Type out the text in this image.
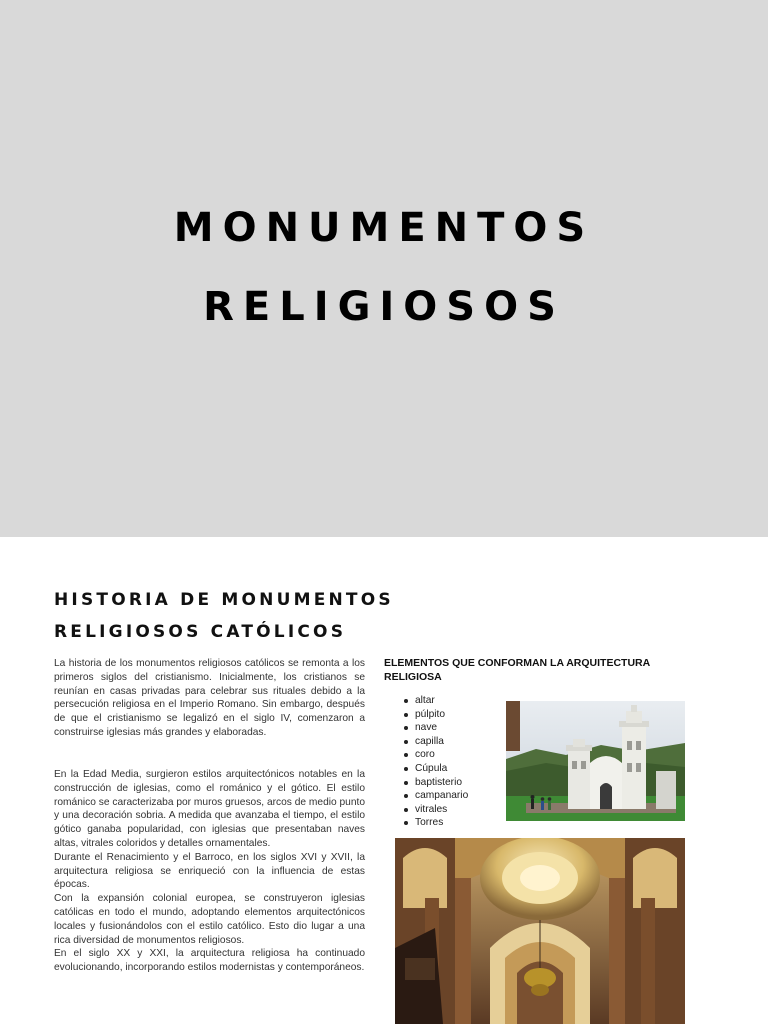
MONUMENTOS
RELIGIOSOS
HISTORIA DE MONUMENTOS
RELIGIOSOS CATÓLICOS

La historia de los monumentos religiosos católicos se remonta a los primeros siglos del cristianismo. Inicialmente, los cristianos se reunían en casas privadas para celebrar sus rituales debido a la persecución religiosa en el Imperio Romano. Sin embargo, después de que el cristianismo se legalizó en el siglo IV, comenzaron a construirse iglesias más grandes y elaboradas.

En la Edad Media, surgieron estilos arquitectónicos notables en la construcción de iglesias, como el románico y el gótico. El estilo románico se caracterizaba por muros gruesos, arcos de medio punto y una decoración sobria. A medida que avanzaba el tiempo, el estilo gótico ganaba popularidad, con iglesias que presentaban naves altas, vitrales coloridos y detalles ornamentales.

Durante el Renacimiento y el Barroco, en los siglos XVI y XVII, la arquitectura religiosa se enriqueció con la influencia de estas épocas.

Con la expansión colonial europea, se construyeron iglesias católicas en todo el mundo, adoptando elementos arquitectónicos locales y fusionándolos con el estilo católico. Esto dio lugar a una rica diversidad de monumentos religiosos.

En el siglo XX y XXI, la arquitectura religiosa ha continuado evolucionando, incorporando estilos modernistas y contemporáneos.

ELEMENTOS QUE CONFORMAN LA ARQUITECTURA RELIGIOSA
altar
púlpito
nave
capilla
coro
Cúpula
baptisterio
campanario
vitrales
Torres
